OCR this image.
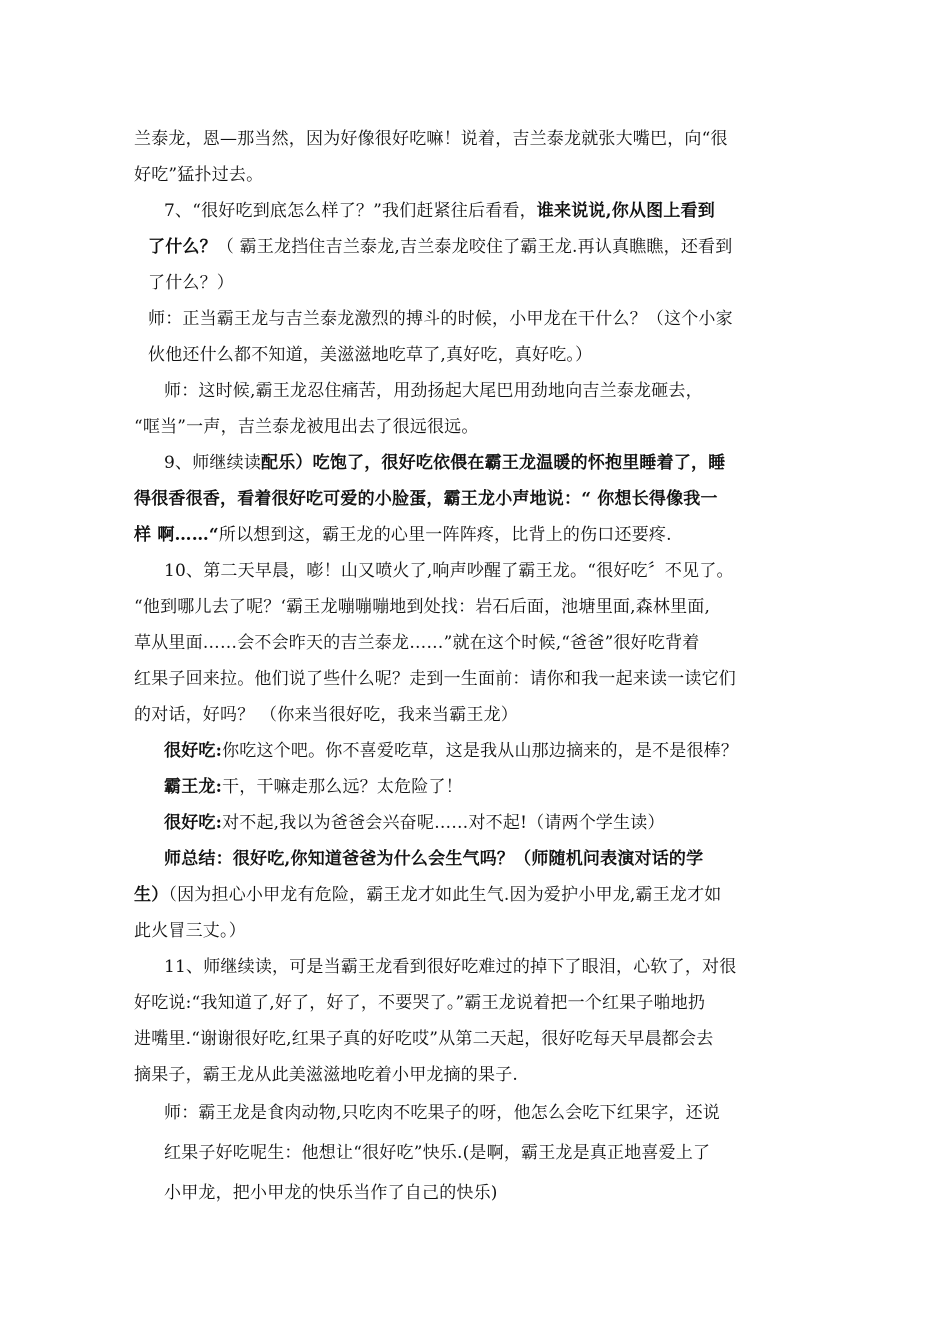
兰泰龙，恩—那当然，因为好像很好吃嘛！说着，吉兰泰龙就张大嘴巴，向“很
好吃”猛扑过去。
7、“很好吃到底怎么样了？”我们赶紧往后看看，谁来说说,你从图上看到
了什么？（ 霸王龙挡住吉兰泰龙,吉兰泰龙咬住了霸王龙.再认真瞧瞧，还看到
了什么？）
师：正当霸王龙与吉兰泰龙激烈的搏斗的时候，小甲龙在干什么？（这个小家
伙他还什么都不知道，美滋滋地吃草了,真好吃，真好吃。）
师：这时候,霸王龙忍住痛苦，用劲扬起大尾巴用劲地向吉兰泰龙砸去，
“哐当”一声，吉兰泰龙被甩出去了很远很远。
9、师继续读配乐）吃饱了，很好吃依偎在霸王龙温暖的怀抱里睡着了，睡
得很香很香，看着很好吃可爱的小脸蛋，霸王龙小声地说：“ 你想长得像我一
样 啊……“所以想到这，霸王龙的心里一阵阵疼，比背上的伤口还要疼.
10、第二天早晨，嘭！山又喷火了,响声吵醒了霸王龙。“很好吃〞不见了。
“他到哪儿去了呢？‘霸王龙嘣嘣嘣地到处找：岩石后面，池塘里面,森林里面,
草从里面……会不会昨天的吉兰泰龙……”就在这个时候,“爸爸”很好吃背着
红果子回来拉。他们说了些什么呢？走到一生面前：请你和我一起来读一读它们
的对话，好吗？ （你来当很好吃，我来当霸王龙）
很好吃:你吃这个吧。你不喜爱吃草，这是我从山那边摘来的，是不是很棒？
霸王龙:干，干嘛走那么远？太危险了！
很好吃:对不起,我以为爸爸会兴奋呢……对不起!（请两个学生读）
师总结：很好吃,你知道爸爸为什么会生气吗？（师随机问表演对话的学
生）（因为担心小甲龙有危险，霸王龙才如此生气.因为爱护小甲龙,霸王龙才如
此火冒三丈。）
11、师继续读，可是当霸王龙看到很好吃难过的掉下了眼泪，心软了，对很
好吃说:“我知道了,好了，好了，不要哭了。”霸王龙说着把一个红果子啪地扔
进嘴里.“谢谢很好吃,红果子真的好吃哎”从第二天起，很好吃每天早晨都会去
摘果子，霸王龙从此美滋滋地吃着小甲龙摘的果子.
师：霸王龙是食肉动物,只吃肉不吃果子的呀，他怎么会吃下红果字，还说
红果子好吃呢生：他想让“很好吃”快乐.(是啊，霸王龙是真正地喜爱上了
小甲龙，把小甲龙的快乐当作了自己的快乐)
